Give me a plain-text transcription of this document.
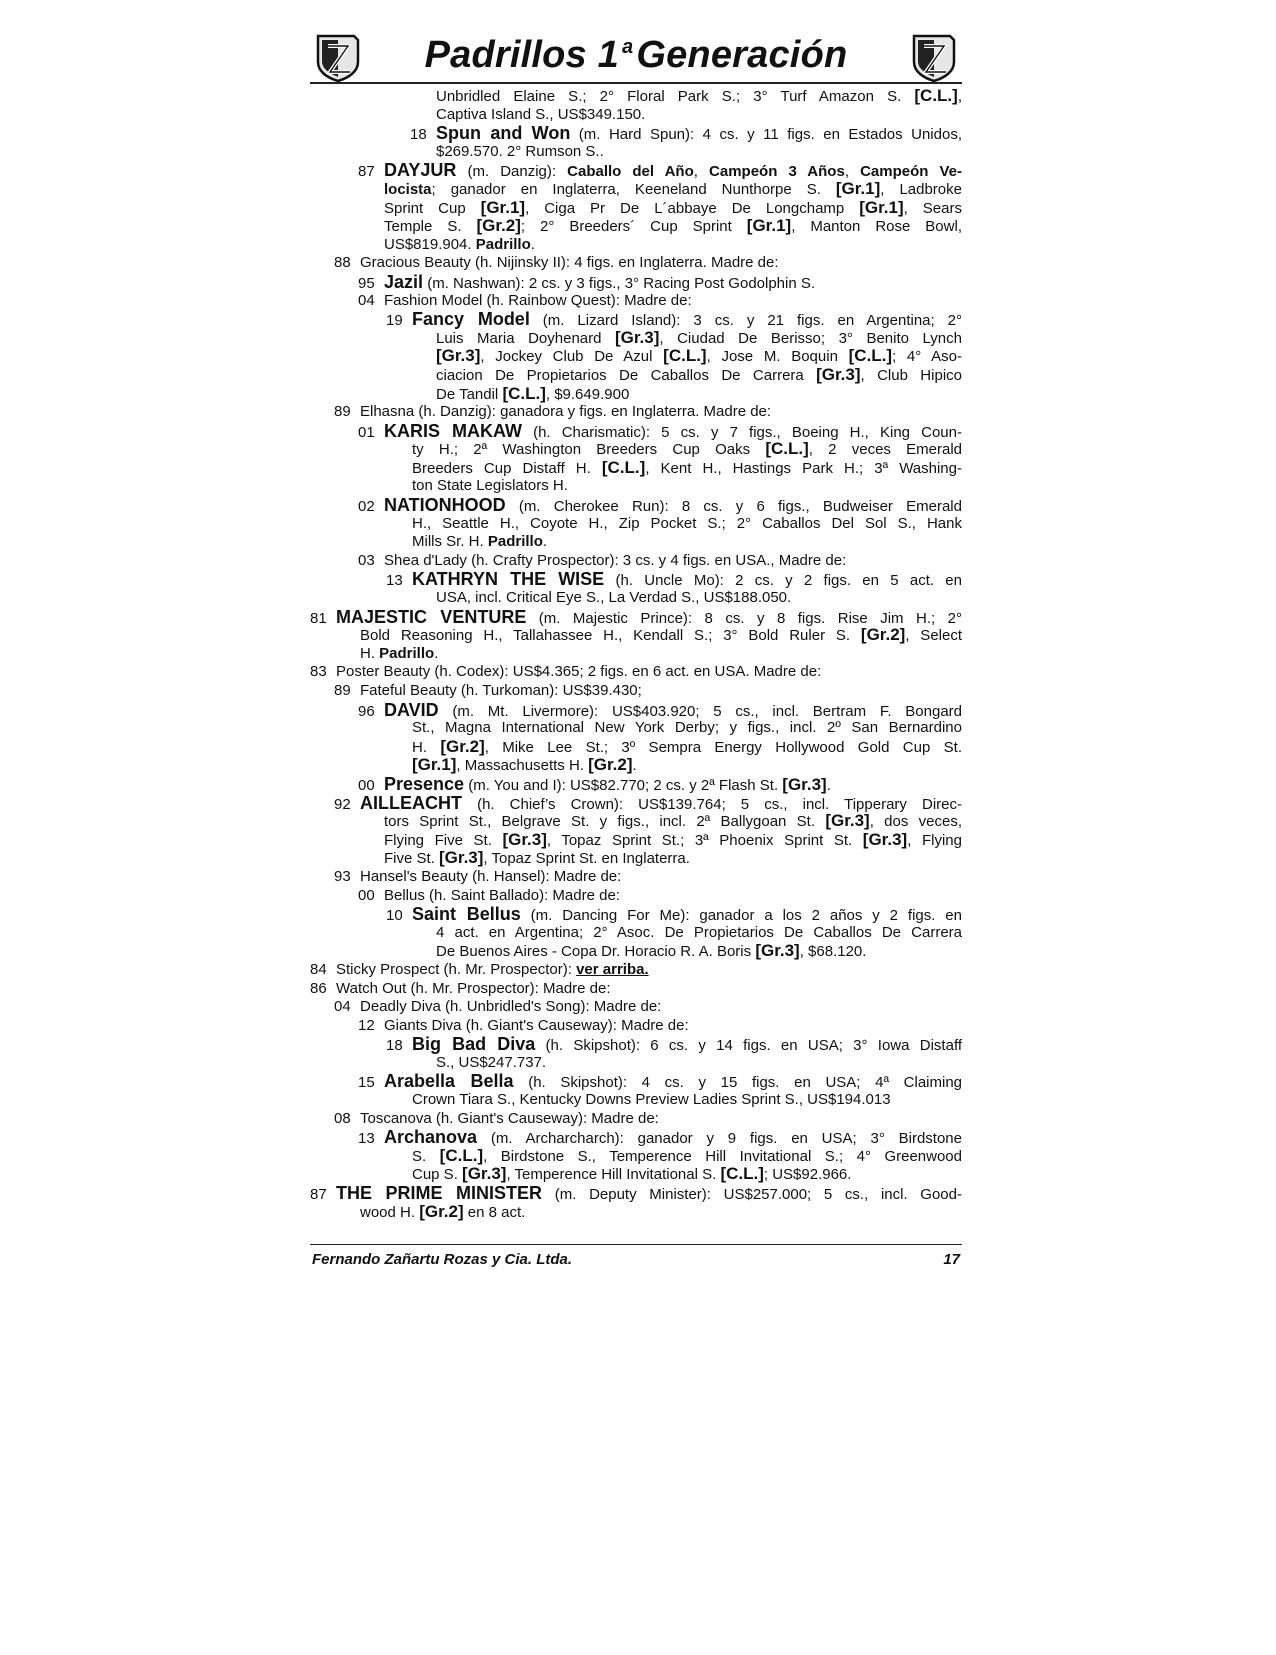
Padrillos 1 $^a$Generación
Unbridled Elaine S.; 2° Floral Park S.; 3° Turf Amazon S. [C.L.],
Captiva Island S., US$349.150.
18 Spun and Won (m. Hard Spun): 4 cs. y 11 figs. en Estados Unidos,
$269.570. 2° Rumson S..
87 DAYJUR (m. Danzig): Caballo del Año, Campeón 3 Años, Campeón Ve-
locista; ganador en Inglaterra, Keeneland Nunthorpe S. [Gr.1], Ladbroke
Sprint Cup [Gr.1], Ciga Pr De L´abbaye De Longchamp [Gr.1], Sears
Temple S. [Gr.2]; 2° Breeders´ Cup Sprint [Gr.1], Manton Rose Bowl,
US$819.904. Padrillo.
88 Gracious Beauty (h. Nijinsky II): 4 figs. en Inglaterra. Madre de:
95 Jazil (m. Nashwan): 2 cs. y 3 figs., 3° Racing Post Godolphin S.
04 Fashion Model (h. Rainbow Quest): Madre de:
19 Fancy Model (m. Lizard Island): 3 cs. y 21 figs. en Argentina; 2°
Luis Maria Doyhenard [Gr.3], Ciudad De Berisso; 3° Benito Lynch
[Gr.3], Jockey Club De Azul [C.L.], Jose M. Boquin [C.L.]; 4° Aso-
ciacion De Propietarios De Caballos De Carrera [Gr.3], Club Hipico
De Tandil [C.L.], $9.649.900
89 Elhasna (h. Danzig): ganadora y figs. en Inglaterra. Madre de:
01 KARIS MAKAW (h. Charismatic): 5 cs. y 7 figs., Boeing H., King Coun-
ty H.; 2ª Washington Breeders Cup Oaks [C.L.], 2 veces Emerald
Breeders Cup Distaff H. [C.L.], Kent H., Hastings Park H.; 3ª Washing-
ton State Legislators H.
02 NATIONHOOD (m. Cherokee Run): 8 cs. y 6 figs., Budweiser Emerald
H., Seattle H., Coyote H., Zip Pocket S.; 2° Caballos Del Sol S., Hank
Mills Sr. H. Padrillo.
03 Shea d'Lady (h. Crafty Prospector): 3 cs. y 4 figs. en USA., Madre de:
13 KATHRYN THE WISE (h. Uncle Mo): 2 cs. y 2 figs. en 5 act. en
USA, incl. Critical Eye S., La Verdad S., US$188.050.
81 MAJESTIC VENTURE (m. Majestic Prince): 8 cs. y 8 figs. Rise Jim H.; 2°
Bold Reasoning H., Tallahassee H., Kendall S.; 3° Bold Ruler S. [Gr.2], Select
H. Padrillo.
83 Poster Beauty (h. Codex): US$4.365; 2 figs. en 6 act. en USA. Madre de:
89 Fateful Beauty (h. Turkoman): US$39.430;
96 DAVID (m. Mt. Livermore): US$403.920; 5 cs., incl. Bertram F. Bongard
St., Magna International New York Derby; y figs., incl. 2º San Bernardino
H. [Gr.2], Mike Lee St.; 3º Sempra Energy Hollywood Gold Cup St.
[Gr.1], Massachusetts H. [Gr.2].
00 Presence (m. You and I): US$82.770; 2 cs. y 2ª Flash St. [Gr.3].
92 AILLEACHT (h. Chief’s Crown): US$139.764; 5 cs., incl. Tipperary Direc-
tors Sprint St., Belgrave St. y figs., incl. 2ª Ballygoan St. [Gr.3], dos veces,
Flying Five St. [Gr.3], Topaz Sprint St.; 3ª Phoenix Sprint St. [Gr.3], Flying
Five St. [Gr.3], Topaz Sprint St. en Inglaterra.
93 Hansel's Beauty (h. Hansel): Madre de:
00 Bellus (h. Saint Ballado): Madre de:
10 Saint Bellus (m. Dancing For Me): ganador a los 2 años y 2 figs. en
4 act. en Argentina; 2° Asoc. De Propietarios De Caballos De Carrera
De Buenos Aires - Copa Dr. Horacio R. A. Boris [Gr.3], $68.120.
84 Sticky Prospect (h. Mr. Prospector): ver arriba.
86 Watch Out (h. Mr. Prospector): Madre de:
04 Deadly Diva (h. Unbridled's Song): Madre de:
12 Giants Diva (h. Giant's Causeway): Madre de:
18 Big Bad Diva (h. Skipshot): 6 cs. y 14 figs. en USA; 3° Iowa Distaff
S., US$247.737.
15 Arabella Bella (h. Skipshot): 4 cs. y 15 figs. en USA; 4ª Claiming
Crown Tiara S., Kentucky Downs Preview Ladies Sprint S., US$194.013
08 Toscanova (h. Giant's Causeway): Madre de:
13 Archanova (m. Archarcharch): ganador y 9 figs. en USA; 3° Birdstone
S. [C.L.], Birdstone S., Temperence Hill Invitational S.; 4° Greenwood
Cup S. [Gr.3], Temperence Hill Invitational S. [C.L.]; US$92.966.
87 THE PRIME MINISTER (m. Deputy Minister): US$257.000; 5 cs., incl. Good-
wood H. [Gr.2] en 8 act.
Fernando Zañartu Rozas y Cia. Ltda.	17
